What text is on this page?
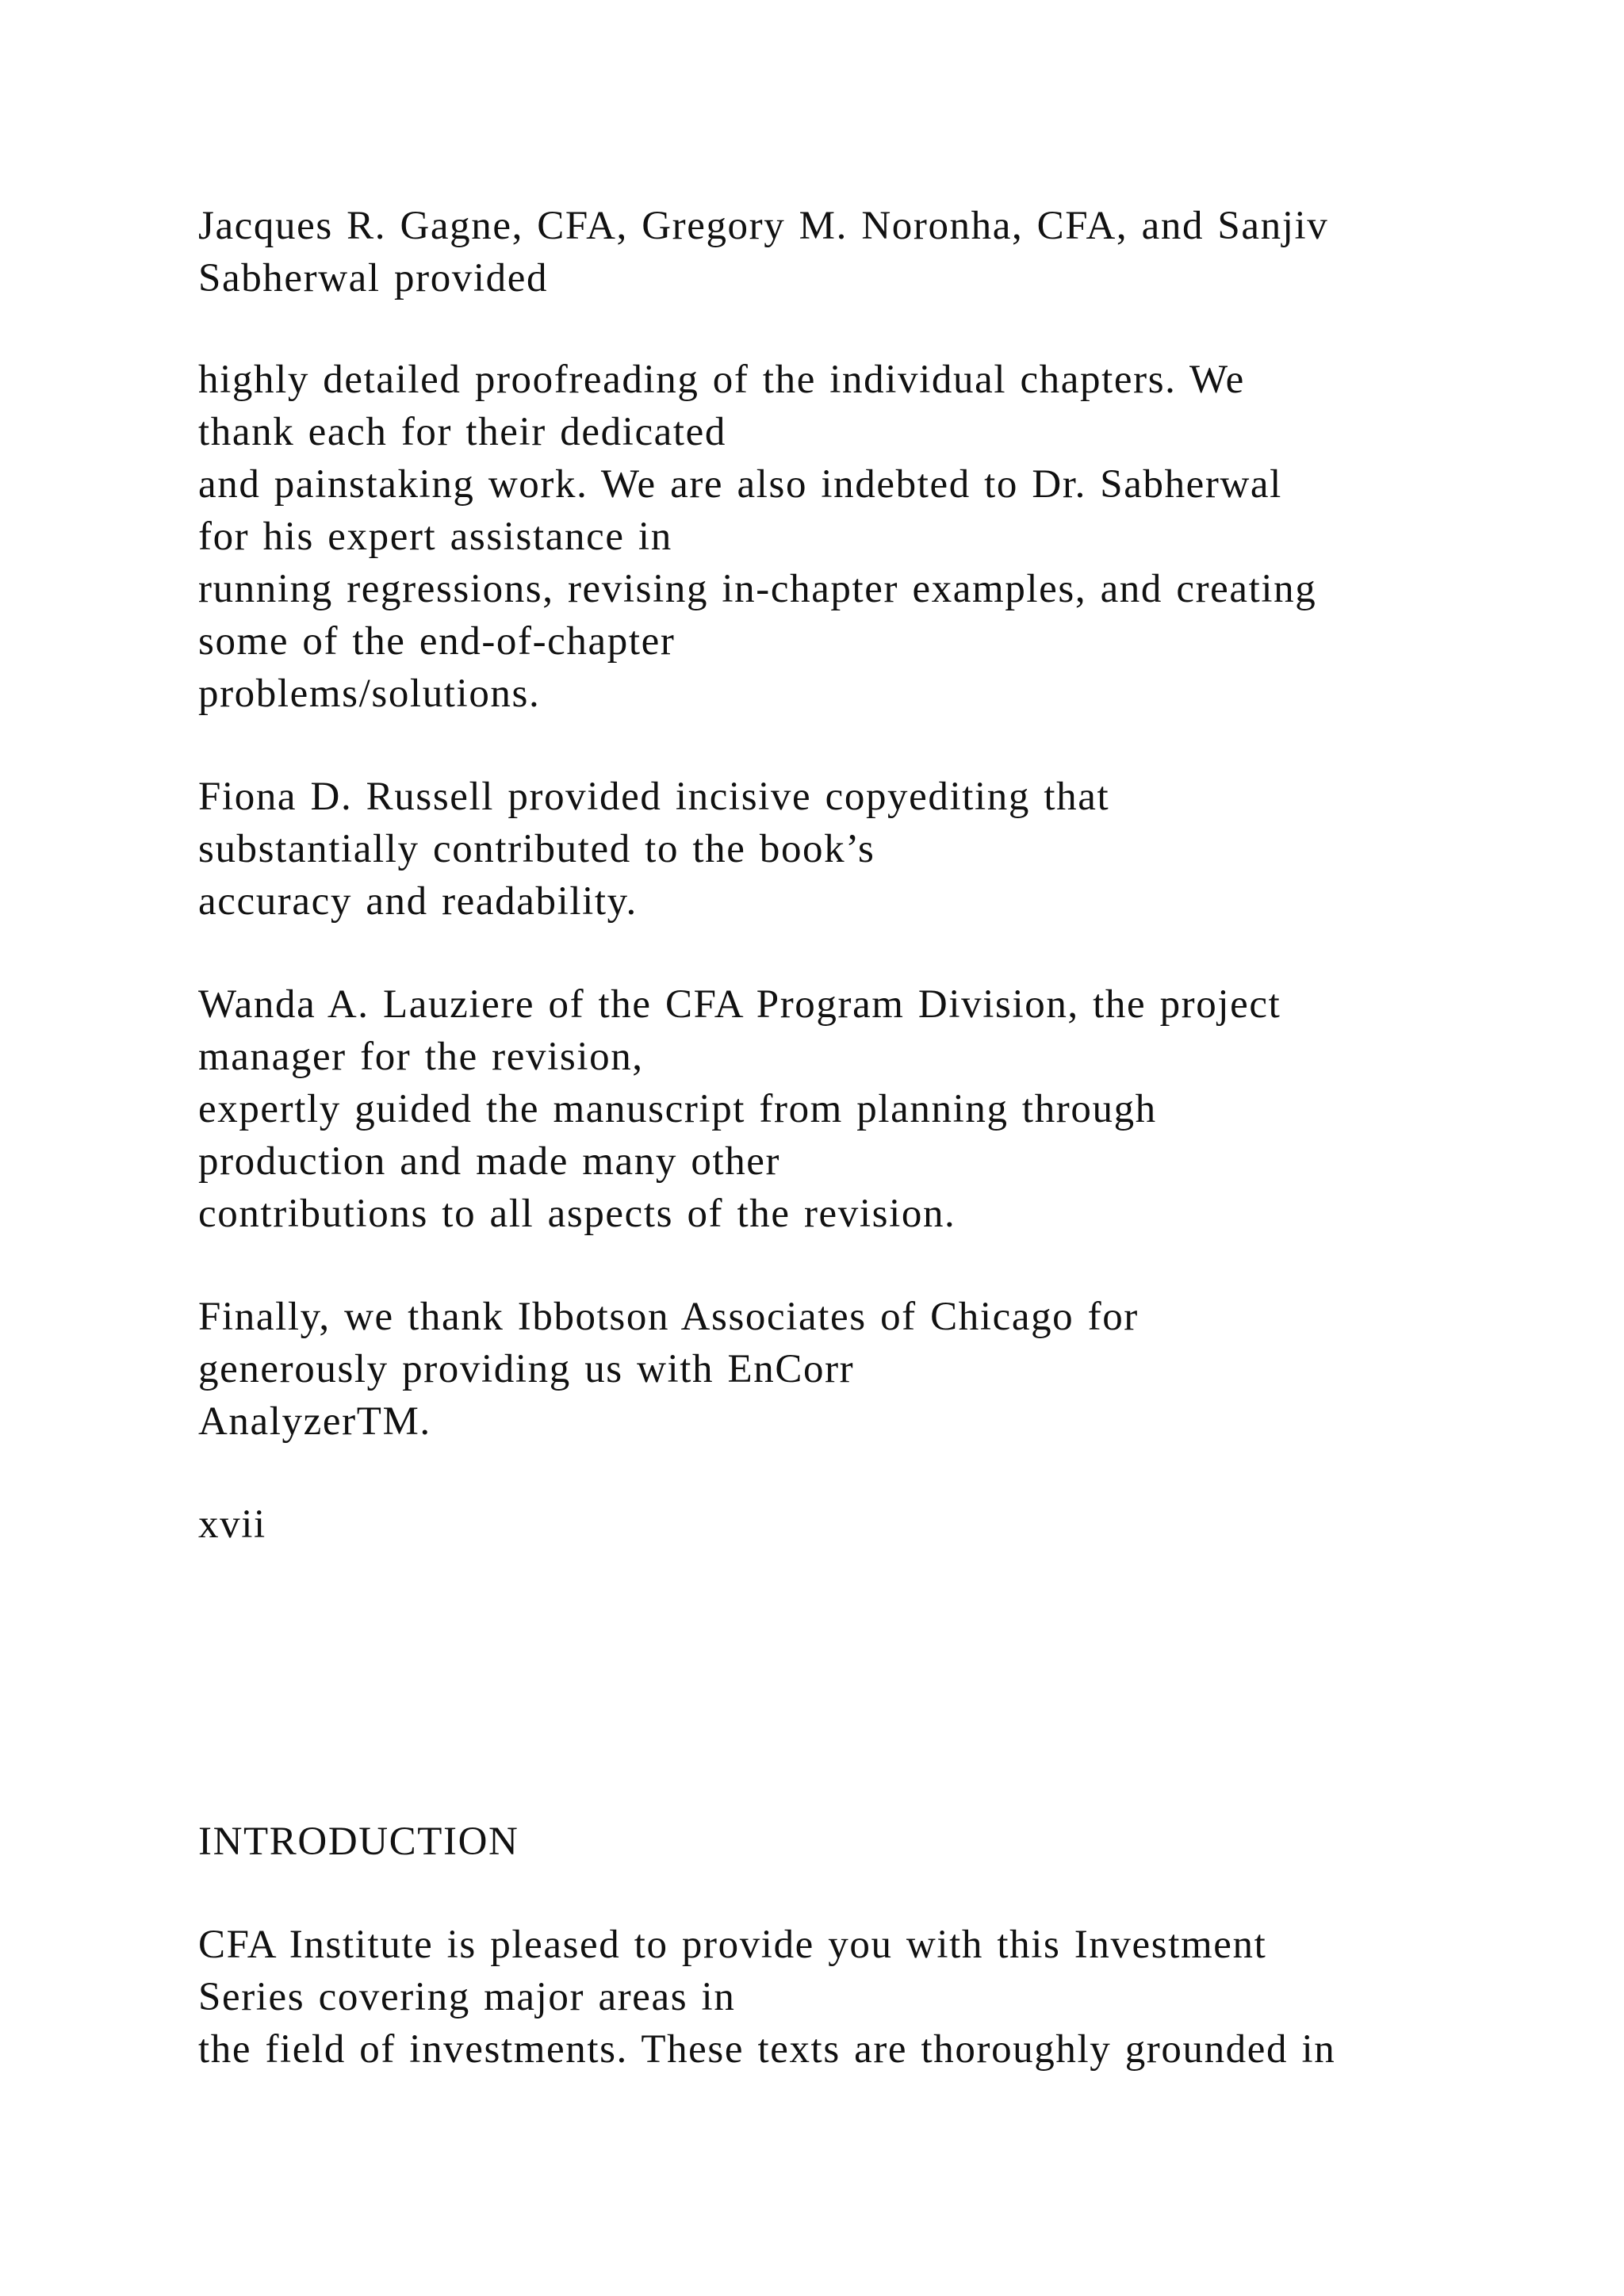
Jacques R. Gagne, CFA, Gregory M. Noronha, CFA, and Sanjiv
Sabherwal provided
highly detailed proofreading of the individual chapters. We
thank each for their dedicated
and painstaking work. We are also indebted to Dr. Sabherwal
for his expert assistance in
running regressions, revising in-chapter examples, and creating
some of the end-of-chapter
problems/solutions.
Fiona D. Russell provided incisive copyediting that
substantially contributed to the book’s
accuracy and readability.
Wanda A. Lauziere of the CFA Program Division, the project
manager for the revision,
expertly guided the manuscript from planning through
production and made many other
contributions to all aspects of the revision.
Finally, we thank Ibbotson Associates of Chicago for
generously providing us with EnCorr
AnalyzerTM.
xvii
INTRODUCTION
CFA Institute is pleased to provide you with this Investment
Series covering major areas in
the field of investments. These texts are thoroughly grounded in
